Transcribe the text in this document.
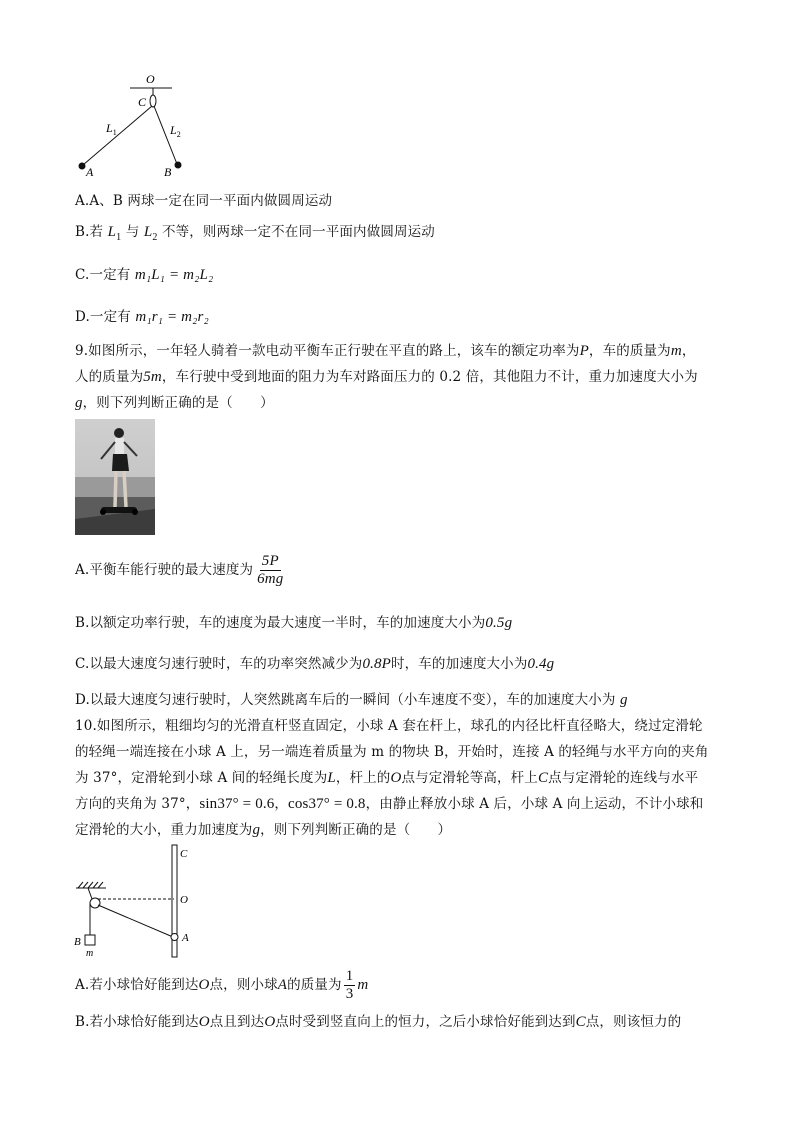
O
C
$L_1$	$L_2$
A	B
A.A、B 两球一定在同一平面内做圆周运动
B.若 $L_1$ 与 $L_2$ 不等，则两球一定不在同一平面内做圆周运动
C.一定有 m₁L₁ = m₂L₂
D.一定有 m₁r₁ = m₂r₂
9.如图所示，一年轻人骑着一款电动平衡车正行驶在平直的路上，该车的额定功率为P，车的质量为m，
人的质量为5m，车行驶中受到地面的阻力为车对路面压力的 0.2 倍，其他阻力不计，重力加速度大小为
g，则下列判断正确的是（　　）
A.平衡车能行驶的最大速度为 $\frac{5P}{6mg}$
B.以额定功率行驶，车的速度为最大速度一半时，车的加速度大小为0.5g
C.以最大速度匀速行驶时，车的功率突然减少为0.8P时，车的加速度大小为0.4g
D.以最大速度匀速行驶时，人突然跳离车后的一瞬间（小车速度不变），车的加速度大小为 g
10.如图所示，粗细均匀的光滑直杆竖直固定，小球 A 套在杆上，球孔的内径比杆直径略大，绕过定滑轮
的轻绳一端连接在小球 A 上，另一端连着质量为 m 的物块 B，开始时，连接 A 的轻绳与水平方向的夹角
为 37°，定滑轮到小球 A 间的轻绳长度为L，杆上的O点与定滑轮等高，杆上C点与定滑轮的连线与水平
方向的夹角为 37°，sin37° = 0.6，cos37° = 0.8，由静止释放小球 A 后，小球 A 向上运动，不计小球和
定滑轮的大小，重力加速度为g，则下列判断正确的是（　　）
C
O
A
B
m
A.若小球恰好能到达O点，则小球A的质量为 $\frac{1}{3}$ m
B.若小球恰好能到达O点且到达O点时受到竖直向上的恒力，之后小球恰好能到达到C点，则该恒力的
